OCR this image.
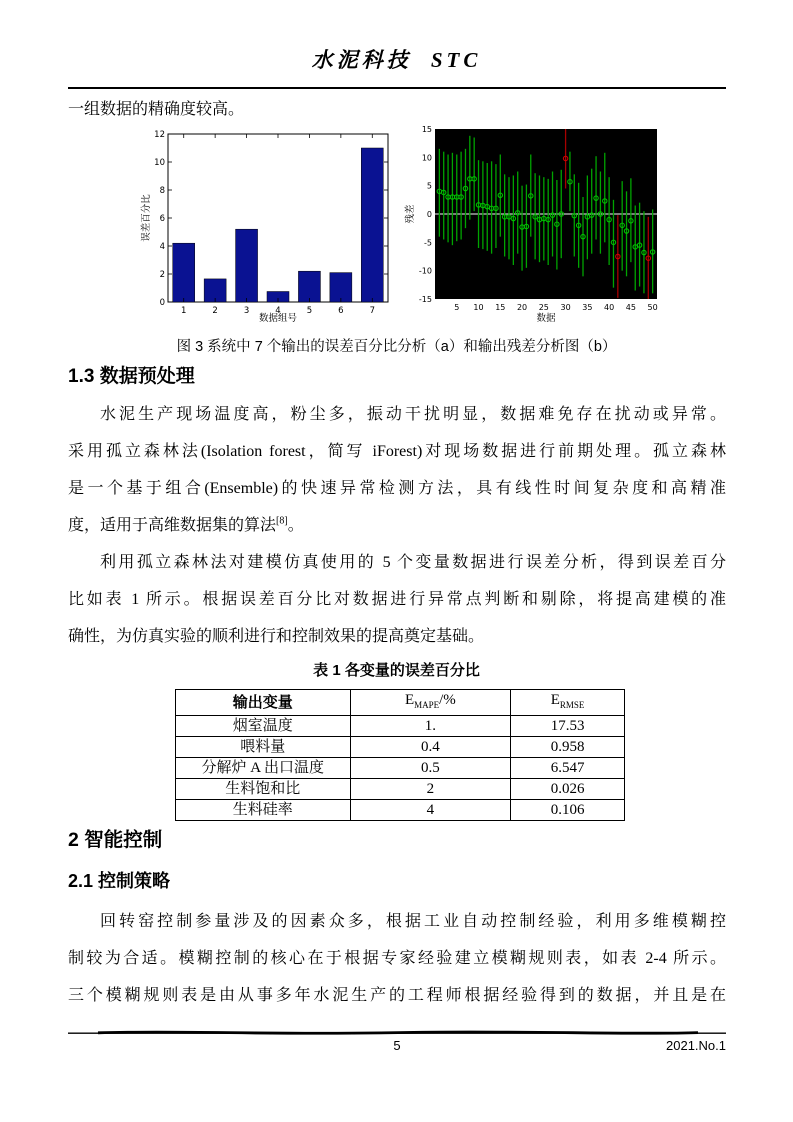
水泥科技 STC
一组数据的精确度较高。
0
2
4
6
8
10
12
1	2	3	4	5	6	7
数据组号
误差百分比
-15
-10
-5
0
5
10
15
5 10 15 20 25 30 35 40 45 50
数据
残差
图 3 系统中 7 个输出的误差百分比分析（a）和输出残差分析图（b）
1.3 数据预处理
水泥生产现场温度高，粉尘多，振动干扰明显，数据难免存在扰动或异常。
采用孤立森林法(Isolation forest，简写 iForest)对现场数据进行前期处理。孤立森林
是一个基于组合(Ensemble)的快速异常检测方法，具有线性时间复杂度和高精准
度，适用于高维数据集的算法[8]。
利用孤立森林法对建模仿真使用的 5 个变量数据进行误差分析，得到误差百分
比如表 1 所示。根据误差百分比对数据进行异常点判断和剔除，将提高建模的准
确性，为仿真实验的顺利进行和控制效果的提高奠定基础。
表 1 各变量的误差百分比
输出变量	$E_{MAPE}/\%$	$E_{RMSE}$
烟室温度	1.	17.53
喂料量	0.4	0.958
分解炉 A 出口温度	0.5	6.547
生料饱和比	2	0.026
生料硅率	4	0.106
2 智能控制
2.1 控制策略
回转窑控制参量涉及的因素众多，根据工业自动控制经验，利用多维模糊控
制较为合适。模糊控制的核心在于根据专家经验建立模糊规则表，如表 2-4 所示。
三个模糊规则表是由从事多年水泥生产的工程师根据经验得到的数据，并且是在
5	2021.No.1
